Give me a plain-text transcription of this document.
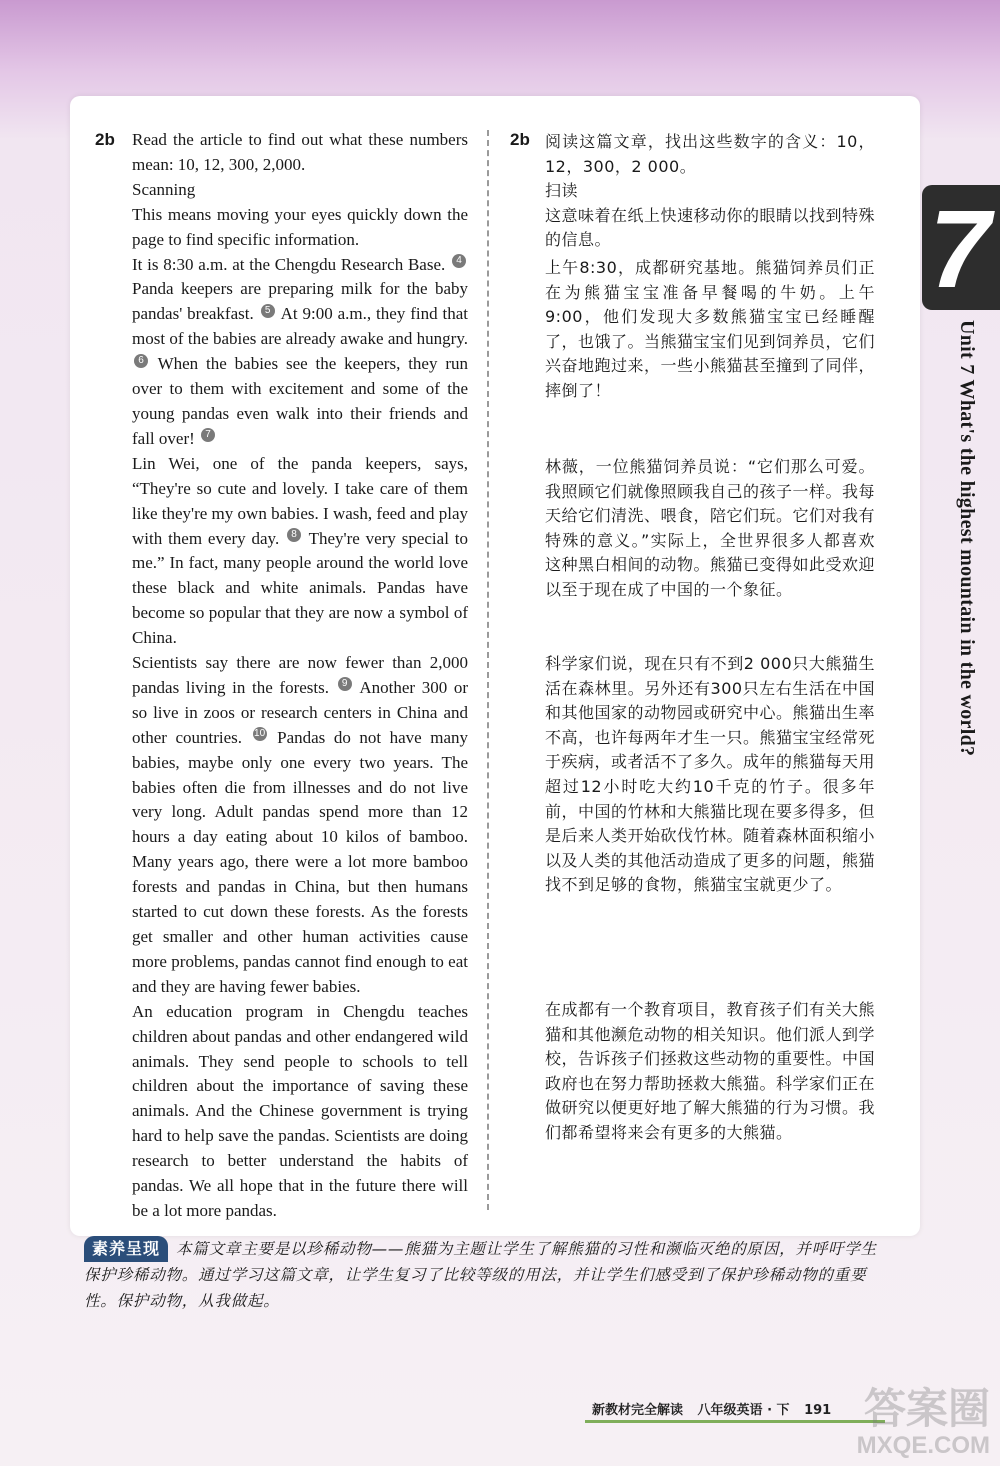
2b Read the article to find out what these numbers mean: 10, 12, 300, 2,000.

Scanning

This means moving your eyes quickly down the page to find specific information.

It is 8:30 a.m. at the Chengdu Research Base. 4 Panda keepers are preparing milk for the baby pandas' breakfast. 5 At 9:00 a.m., they find that most of the babies are already awake and hungry. 6 When the babies see the keepers, they run over to them with excitement and some of the young pandas even walk into their friends and fall over! 7

Lin Wei, one of the panda keepers, says, “They're so cute and lovely. I take care of them like they're my own babies. I wash, feed and play with them every day. 8 They're very special to me.” In fact, many people around the world love these black and white animals. Pandas have become so popular that they are now a symbol of China.

Scientists say there are now fewer than 2,000 pandas living in the forests. 9 Another 300 or so live in zoos or research centers in China and other countries. 10 Pandas do not have many babies, maybe only one every two years. The babies often die from illnesses and do not live very long. Adult pandas spend more than 12 hours a day eating about 10 kilos of bamboo. Many years ago, there were a lot more bamboo forests and pandas in China, but then humans started to cut down these forests. As the forests get smaller and other human activities cause more problems, pandas cannot find enough to eat and they are having fewer babies.

An education program in Chengdu teaches children about pandas and other endangered wild animals. They send people to schools to tell children about the importance of saving these animals. And the Chinese government is trying hard to help save the pandas. Scientists are doing research to better understand the habits of pandas. We all hope that in the future there will be a lot more pandas.

2b 阅读这篇文章，找出这些数字的含义：10，12，300，2 000。

扫读

这意味着在纸上快速移动你的眼睛以找到特殊的信息。

上午8:30，成都研究基地。熊猫饲养员们正在为熊猫宝宝准备早餐喝的牛奶。上午9:00，他们发现大多数熊猫宝宝已经睡醒了，也饿了。当熊猫宝宝们见到饲养员，它们兴奋地跑过来，一些小熊猫甚至撞到了同伴，摔倒了！
林薇，一位熊猫饲养员说：“它们那么可爱。我照顾它们就像照顾我自己的孩子一样。我每天给它们清洗、喂食，陪它们玩。它们对我有特殊的意义。”实际上，全世界很多人都喜欢这种黑白相间的动物。熊猫已变得如此受欢迎以至于现在成了中国的一个象征。
科学家们说，现在只有不到2 000只大熊猫生活在森林里。另外还有300只左右生活在中国和其他国家的动物园或研究中心。熊猫出生率不高，也许每两年才生一只。熊猫宝宝经常死于疾病，或者活不了多久。成年的熊猫每天用超过12小时吃大约10千克的竹子。很多年前，中国的竹林和大熊猫比现在要多得多，但是后来人类开始砍伐竹林。随着森林面积缩小以及人类的其他活动造成了更多的问题，熊猫找不到足够的食物，熊猫宝宝就更少了。
在成都有一个教育项目，教育孩子们有关大熊猫和其他濒危动物的相关知识。他们派人到学校，告诉孩子们拯救这些动物的重要性。中国政府也在努力帮助拯救大熊猫。科学家们正在做研究以便更好地了解大熊猫的行为习惯。我们都希望将来会有更多的大熊猫。
7
Unit 7 What's the highest mountain in the world?
素养呈现 本篇文章主要是以珍稀动物——熊猫为主题让学生了解熊猫的习性和濒临灭绝的原因，并呼吁学生保护珍稀动物。通过学习这篇文章，让学生复习了比较等级的用法，并让学生们感受到了保护珍稀动物的重要性。保护动物，从我做起。
新教材完全解读 八年级英语 · 下 191 答案圈
MXQE.COM
